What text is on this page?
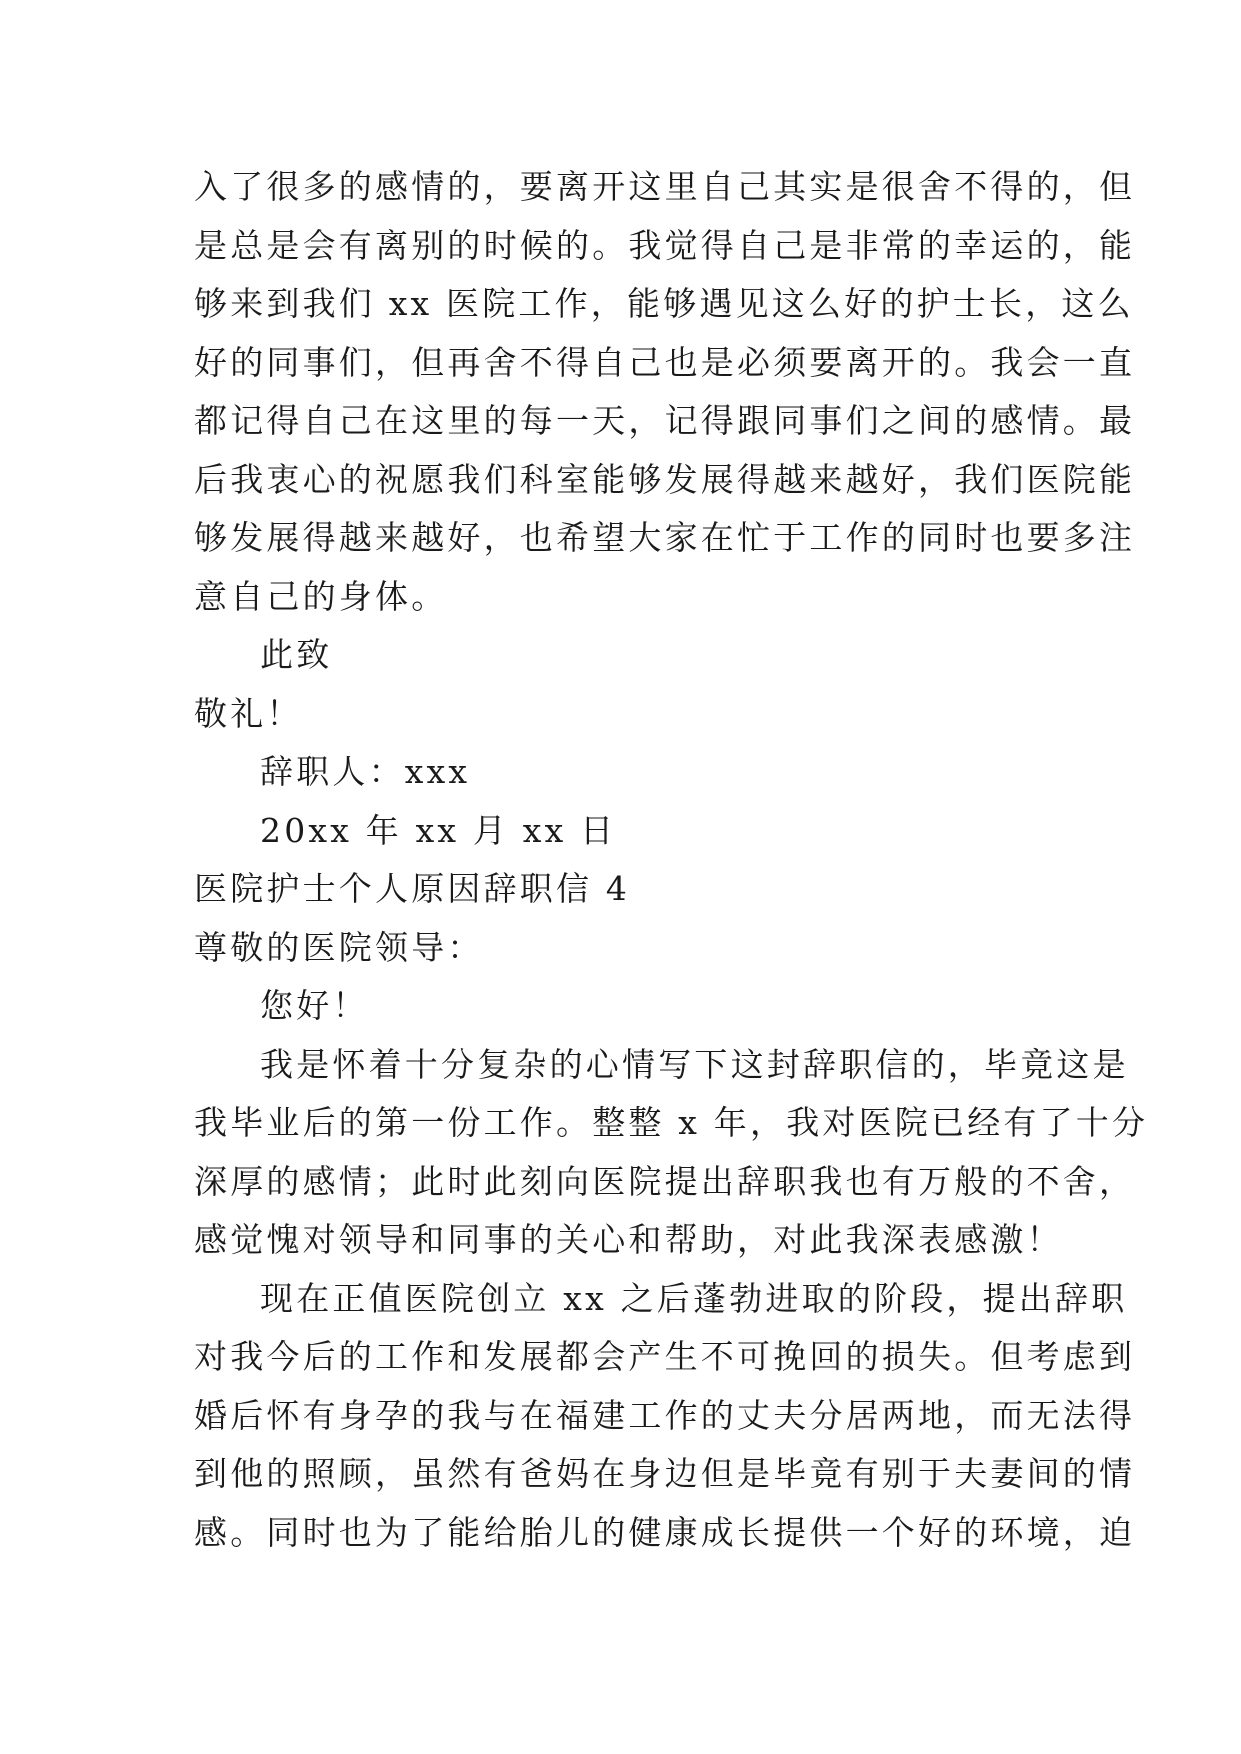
入了很多的感情的，要离开这里自己其实是很舍不得的，但
是总是会有离别的时候的。我觉得自己是非常的幸运的，能
够来到我们 xx 医院工作，能够遇见这么好的护士长，这么
好的同事们，但再舍不得自己也是必须要离开的。我会一直
都记得自己在这里的每一天，记得跟同事们之间的感情。最
后我衷心的祝愿我们科室能够发展得越来越好，我们医院能
够发展得越来越好，也希望大家在忙于工作的同时也要多注
意自己的身体。
此致
敬礼！
辞职人：xxx
20xx 年 xx 月 xx 日
医院护士个人原因辞职信 4
尊敬的医院领导：
您好！
我是怀着十分复杂的心情写下这封辞职信的，毕竟这是
我毕业后的第一份工作。整整 x 年，我对医院已经有了十分
深厚的感情；此时此刻向医院提出辞职我也有万般的不舍，
感觉愧对领导和同事的关心和帮助，对此我深表感激！
现在正值医院创立 xx 之后蓬勃进取的阶段，提出辞职
对我今后的工作和发展都会产生不可挽回的损失。但考虑到
婚后怀有身孕的我与在福建工作的丈夫分居两地，而无法得
到他的照顾，虽然有爸妈在身边但是毕竟有别于夫妻间的情
感。同时也为了能给胎儿的健康成长提供一个好的环境，迫
